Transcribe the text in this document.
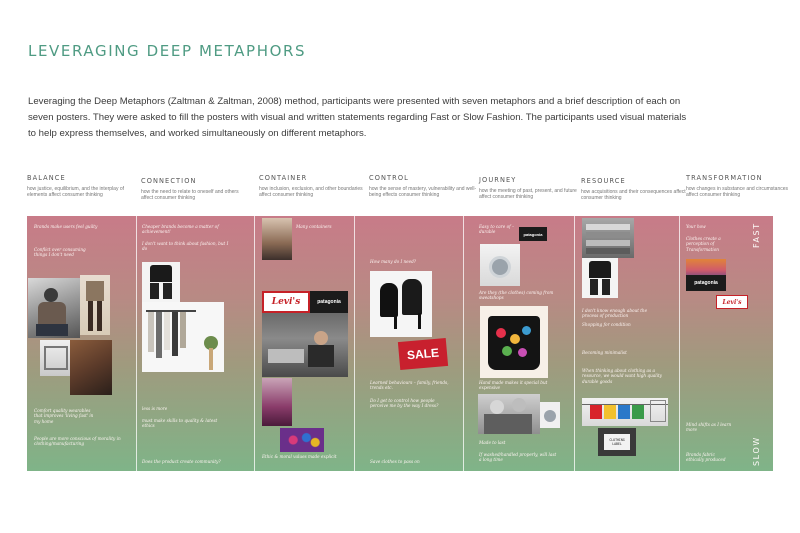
LEVERAGING DEEP METAPHORS

Leveraging the Deep Metaphors (Zaltman & Zaltman, 2008) method, participants were presented with seven metaphors and a brief description of each on seven posters. They were asked to fill the posters with visual and written statements regarding Fast or Slow Fashion. The participants used visual materials to help express themselves, and worked simultaneously on different metaphors.

BALANCE
how justice, equilibrium, and the interplay of elements affect consumer thinking
CONNECTION
how the need to relate to oneself and others affect consumer thinking
CONTAINER
how inclusion, exclusion, and other boundaries affect consumer thinking
CONTROL
how the sense of mastery, vulnerability and well-being effects consumer thinking
JOURNEY
how the meeting of past, present, and future affect consumer thinking
RESOURCE
how acquisitions and their consequences affect consumer thinking
TRANSFORMATION
how changes in substance and circumstances affect consumer thinking
FAST
SLOW
Brands make users feel guilty
Conflict over consuming things I don't need
Comfort quality wearables that improves 'living fast' in my home
People are more conscious of morality in clothing/manufacturing
Cheaper brands become a matter of achievement!
I don't want to think about fashion, but I do
less is more
must make skills to quality & latest ethics
Does the product create community?
Many containers
Levi's	patagonia
Ethic & moral values made explicit
How many do I need?
SALE
Learned behaviours – family, friends, trends etc.
Do I get to control how people perceive me by the way I dress?
Save clothes to pass on
Easy to care of – durable	patagonia
Are they (the clothes) coming from sweatshops
Hand made makes it special but expensive
Made to last
If washed/handled properly, will last a long time
I don't know enough about the process of production
Shopping for condition
Becoming minimalist
When thinking about clothing as a resource, we would want high quality durable goods
CLOTHING LABEL
Your how
Clothes create a perception of Transformation
patagonia
Levi's
Mind shifts as I learn more
Brands fabric ethically produced
